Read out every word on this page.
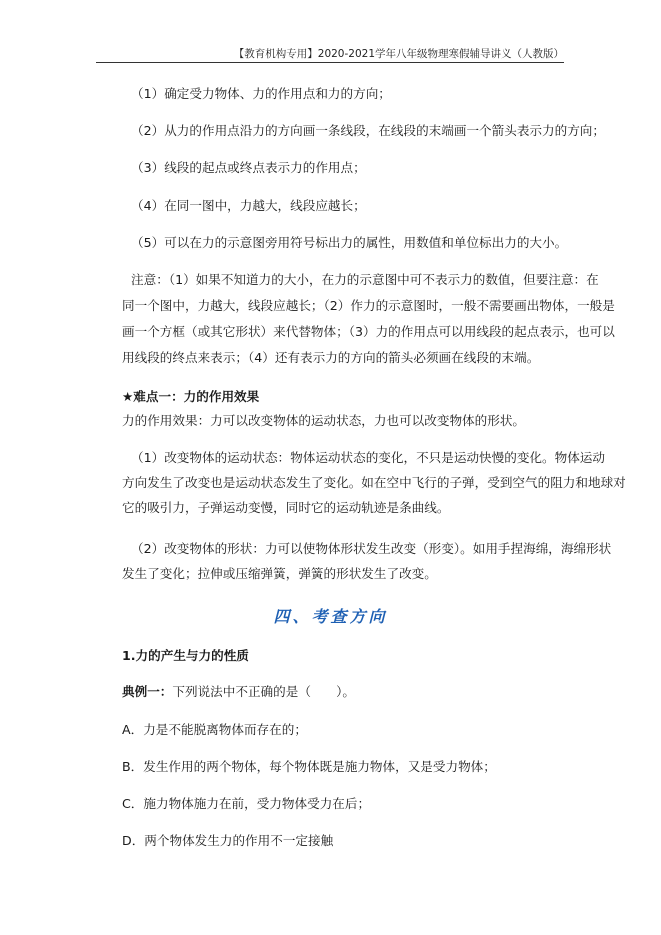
【教育机构专用】2020-2021学年八年级物理寒假辅导讲义（人教版）
（1）确定受力物体、力的作用点和力的方向；
（2）从力的作用点沿力的方向画一条线段，在线段的末端画一个箭头表示力的方向；
（3）线段的起点或终点表示力的作用点；
（4）在同一图中，力越大，线段应越长；
（5）可以在力的示意图旁用符号标出力的属性，用数值和单位标出力的大小。
注意：（1）如果不知道力的大小，在力的示意图中可不表示力的数值，但要注意：在
同一个图中，力越大，线段应越长；（2）作力的示意图时，一般不需要画出物体，一般是
画一个方框（或其它形状）来代替物体；（3）力的作用点可以用线段的起点表示，也可以
用线段的终点来表示；（4）还有表示力的方向的箭头必须画在线段的末端。
★难点一：力的作用效果
力的作用效果：力可以改变物体的运动状态，力也可以改变物体的形状。
（1）改变物体的运动状态：物体运动状态的变化，不只是运动快慢的变化。物体运动
方向发生了改变也是运动状态发生了变化。如在空中飞行的子弹，受到空气的阻力和地球对
它的吸引力，子弹运动变慢，同时它的运动轨迹是条曲线。
（2）改变物体的形状：力可以使物体形状发生改变（形变）。如用手捏海绵，海绵形状
发生了变化；拉伸或压缩弹簧，弹簧的形状发生了改变。
四、考查方向
1.力的产生与力的性质
典例一：下列说法中不正确的是（　　）。
A．力是不能脱离物体而存在的；
B．发生作用的两个物体，每个物体既是施力物体，又是受力物体；
C．施力物体施力在前，受力物体受力在后；
D．两个物体发生力的作用不一定接触
